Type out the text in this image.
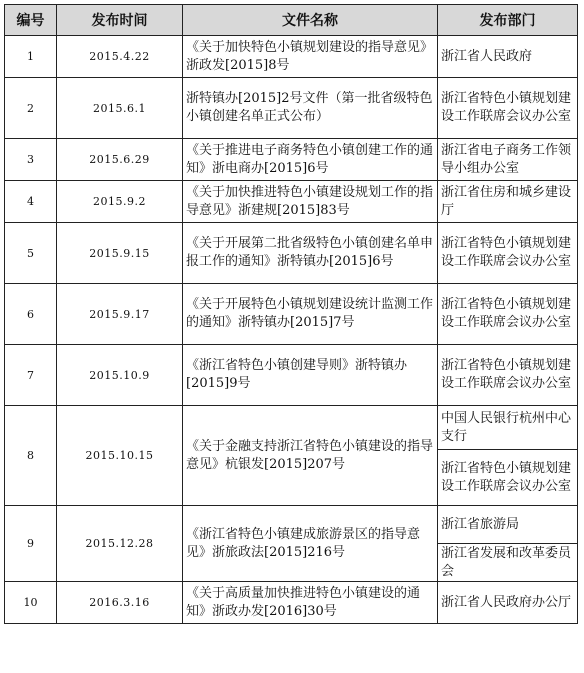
编号	发布时间	文件名称	发布部门
1	2015.4.22	《关于加快特色小镇规划建设的指导意见》浙政发[2015]8号	浙江省人民政府
2	2015.6.1	浙特镇办[2015]2号文件（第一批省级特色小镇创建名单正式公布）	浙江省特色小镇规划建设工作联席会议办公室
3	2015.6.29	《关于推进电子商务特色小镇创建工作的通知》浙电商办[2015]6号	浙江省电子商务工作领导小组办公室
4	2015.9.2	《关于加快推进特色小镇建设规划工作的指导意见》浙建规[2015]83号	浙江省住房和城乡建设厅
5	2015.9.15	《关于开展第二批省级特色小镇创建名单申报工作的通知》浙特镇办[2015]6号	浙江省特色小镇规划建设工作联席会议办公室
6	2015.9.17	《关于开展特色小镇规划建设统计监测工作的通知》浙特镇办[2015]7号	浙江省特色小镇规划建设工作联席会议办公室
7	2015.10.9	《浙江省特色小镇创建导则》浙特镇办[2015]9号	浙江省特色小镇规划建设工作联席会议办公室
8	2015.10.15	《关于金融支持浙江省特色小镇建设的指导意见》杭银发[2015]207号	中国人民银行杭州中心支行
			浙江省特色小镇规划建设工作联席会议办公室
9	2015.12.28	《浙江省特色小镇建成旅游景区的指导意见》浙旅政法[2015]216号	浙江省旅游局
			浙江省发展和改革委员会
10	2016.3.16	《关于高质量加快推进特色小镇建设的通知》浙政办发[2016]30号	浙江省人民政府办公厅
